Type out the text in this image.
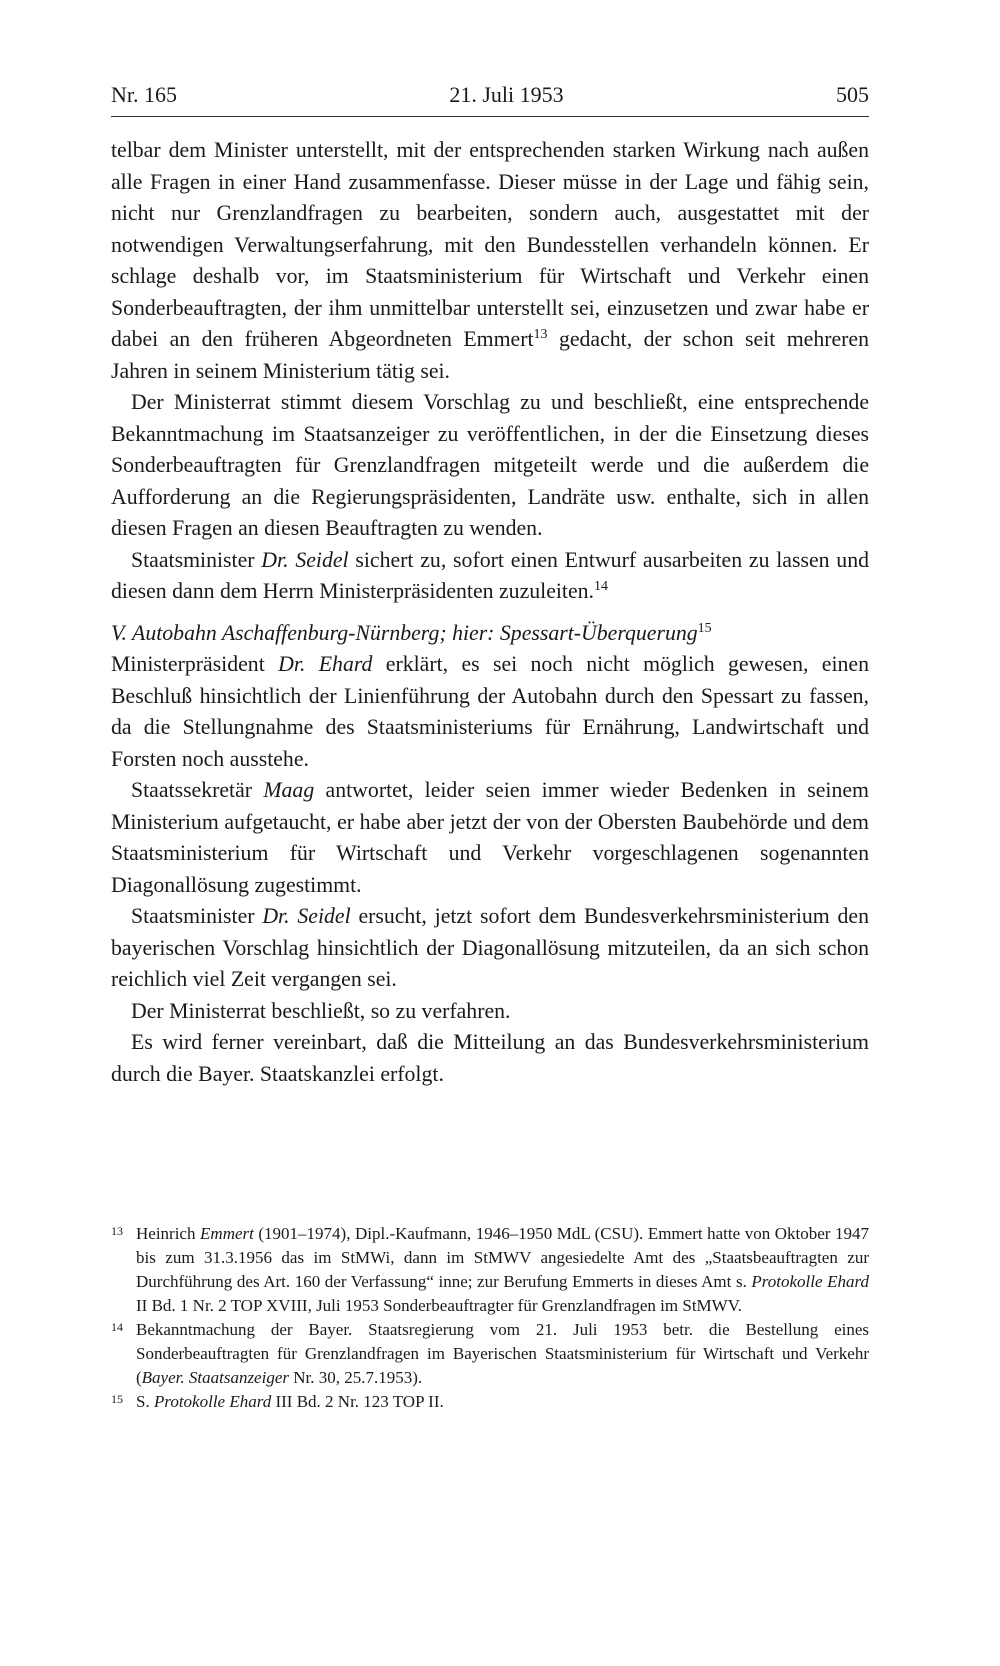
Nr. 165	21. Juli 1953	505

telbar dem Minister unterstellt, mit der entsprechenden starken Wirkung nach außen alle Fragen in einer Hand zusammenfasse. Dieser müsse in der Lage und fähig sein, nicht nur Grenzlandfragen zu bearbeiten, sondern auch, ausgestattet mit der notwendigen Verwaltungserfahrung, mit den Bundesstellen verhandeln können. Er schlage deshalb vor, im Staatsministerium für Wirtschaft und Verkehr einen Sonderbeauftragten, der ihm unmittelbar unterstellt sei, einzusetzen und zwar habe er dabei an den früheren Abgeordneten Emmert$^{13}$ gedacht, der schon seit mehreren Jahren in seinem Ministerium tätig sei.

Der Ministerrat stimmt diesem Vorschlag zu und beschließt, eine entsprechende Bekanntmachung im Staatsanzeiger zu veröffentlichen, in der die Einsetzung dieses Sonderbeauftragten für Grenzlandfragen mitgeteilt werde und die außerdem die Aufforderung an die Regierungspräsidenten, Landräte usw. enthalte, sich in allen diesen Fragen an diesen Beauftragten zu wenden.

Staatsminister Dr. Seidel sichert zu, sofort einen Entwurf ausarbeiten zu lassen und diesen dann dem Herrn Ministerpräsidenten zuzuleiten.$^{14}$

V. Autobahn Aschaffenburg-Nürnberg; hier: Spessart-Überquerung$^{15}$

Ministerpräsident Dr. Ehard erklärt, es sei noch nicht möglich gewesen, einen Beschluß hinsichtlich der Linienführung der Autobahn durch den Spessart zu fassen, da die Stellungnahme des Staatsministeriums für Ernährung, Landwirtschaft und Forsten noch ausstehe.

Staatssekretär Maag antwortet, leider seien immer wieder Bedenken in seinem Ministerium aufgetaucht, er habe aber jetzt der von der Obersten Baubehörde und dem Staatsministerium für Wirtschaft und Verkehr vorgeschlagenen sogenannten Diagonallösung zugestimmt.

Staatsminister Dr. Seidel ersucht, jetzt sofort dem Bundesverkehrsministerium den bayerischen Vorschlag hinsichtlich der Diagonallösung mitzuteilen, da an sich schon reichlich viel Zeit vergangen sei.

Der Ministerrat beschließt, so zu verfahren.

Es wird ferner vereinbart, daß die Mitteilung an das Bundesverkehrsministerium durch die Bayer. Staatskanzlei erfolgt.

13 Heinrich Emmert (1901–1974), Dipl.-Kaufmann, 1946–1950 MdL (CSU). Emmert hatte von Oktober 1947 bis zum 31.3.1956 das im StMWi, dann im StMWV angesiedelte Amt des „Staatsbeauftragten zur Durchführung des Art. 160 der Verfassung“ inne; zur Berufung Emmerts in dieses Amt s. Protokolle Ehard II Bd. 1 Nr. 2 TOP XVIII, Juli 1953 Sonderbeauftragter für Grenzlandfragen im StMWV.
14 Bekanntmachung der Bayer. Staatsregierung vom 21. Juli 1953 betr. die Bestellung eines Sonderbeauftragten für Grenzlandfragen im Bayerischen Staatsministerium für Wirtschaft und Verkehr (Bayer. Staatsanzeiger Nr. 30, 25.7.1953).
15 S. Protokolle Ehard III Bd. 2 Nr. 123 TOP II.
